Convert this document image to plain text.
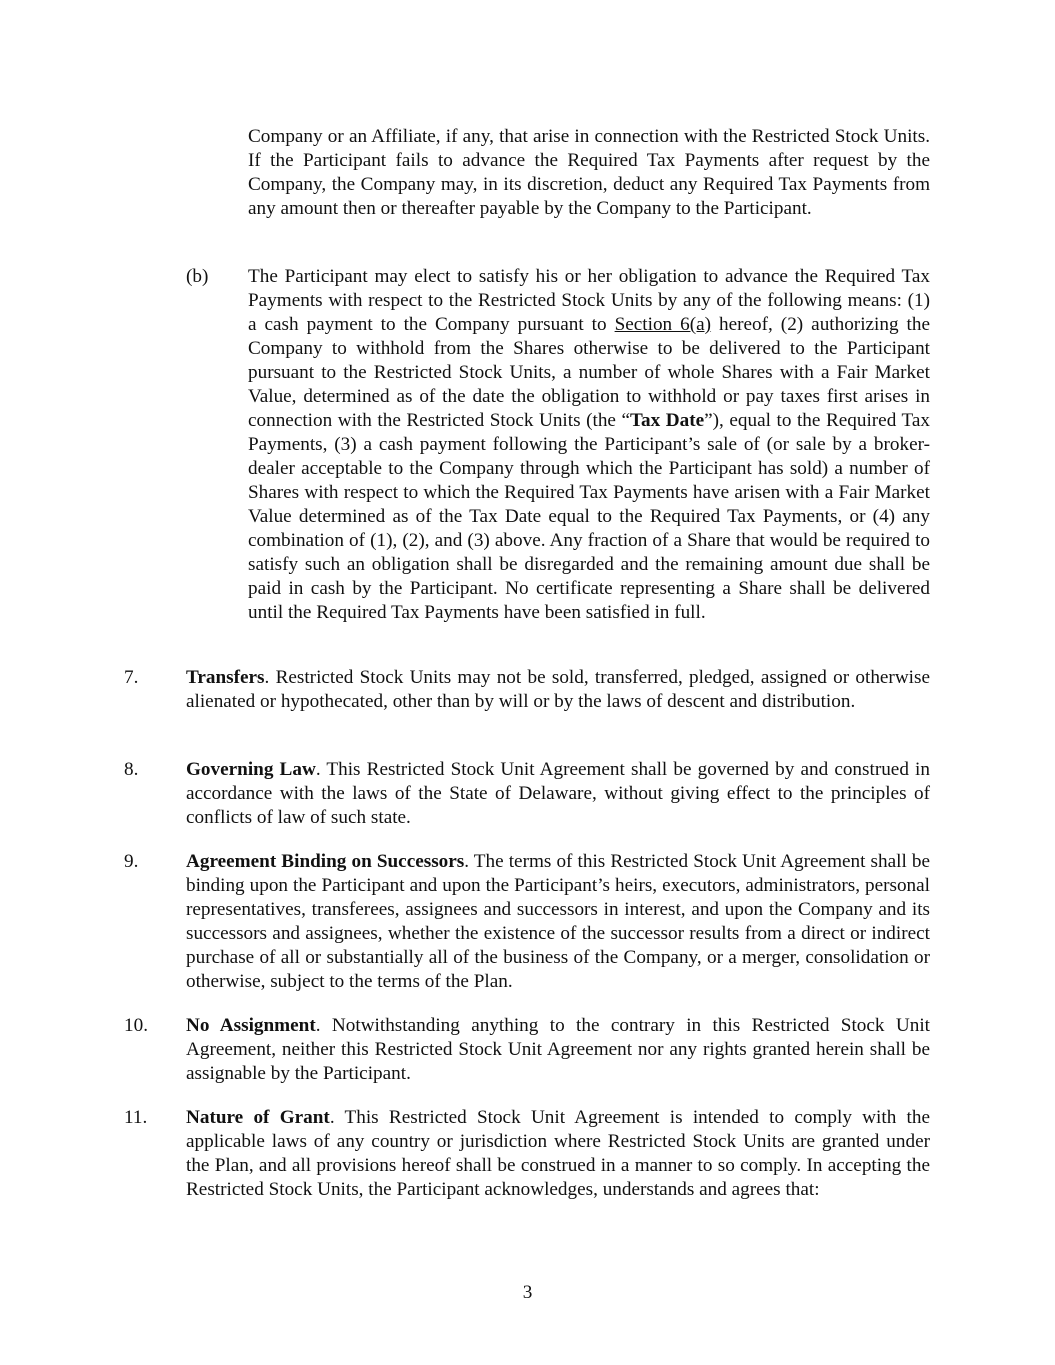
Company or an Affiliate, if any, that arise in connection with the Restricted Stock Units. If the Participant fails to advance the Required Tax Payments after request by the Company, the Company may, in its discretion, deduct any Required Tax Payments from any amount then or thereafter payable by the Company to the Participant.

(b) The Participant may elect to satisfy his or her obligation to advance the Required Tax Payments with respect to the Restricted Stock Units by any of the following means: (1) a cash payment to the Company pursuant to Section 6(a) hereof, (2) authorizing the Company to withhold from the Shares otherwise to be delivered to the Participant pursuant to the Restricted Stock Units, a number of whole Shares with a Fair Market Value, determined as of the date the obligation to withhold or pay taxes first arises in connection with the Restricted Stock Units (the “Tax Date”), equal to the Required Tax Payments, (3) a cash payment following the Participant’s sale of (or sale by a broker-dealer acceptable to the Company through which the Participant has sold) a number of Shares with respect to which the Required Tax Payments have arisen with a Fair Market Value determined as of the Tax Date equal to the Required Tax Payments, or (4) any combination of (1), (2), and (3) above. Any fraction of a Share that would be required to satisfy such an obligation shall be disregarded and the remaining amount due shall be paid in cash by the Participant. No certificate representing a Share shall be delivered until the Required Tax Payments have been satisfied in full.

7. Transfers. Restricted Stock Units may not be sold, transferred, pledged, assigned or otherwise alienated or hypothecated, other than by will or by the laws of descent and distribution.

8. Governing Law. This Restricted Stock Unit Agreement shall be governed by and construed in accordance with the laws of the State of Delaware, without giving effect to the principles of conflicts of law of such state.

9. Agreement Binding on Successors. The terms of this Restricted Stock Unit Agreement shall be binding upon the Participant and upon the Participant’s heirs, executors, administrators, personal representatives, transferees, assignees and successors in interest, and upon the Company and its successors and assignees, whether the existence of the successor results from a direct or indirect purchase of all or substantially all of the business of the Company, or a merger, consolidation or otherwise, subject to the terms of the Plan.

10. No Assignment. Notwithstanding anything to the contrary in this Restricted Stock Unit Agreement, neither this Restricted Stock Unit Agreement nor any rights granted herein shall be assignable by the Participant.

11. Nature of Grant. This Restricted Stock Unit Agreement is intended to comply with the applicable laws of any country or jurisdiction where Restricted Stock Units are granted under the Plan, and all provisions hereof shall be construed in a manner to so comply. In accepting the Restricted Stock Units, the Participant acknowledges, understands and agrees that:

3
